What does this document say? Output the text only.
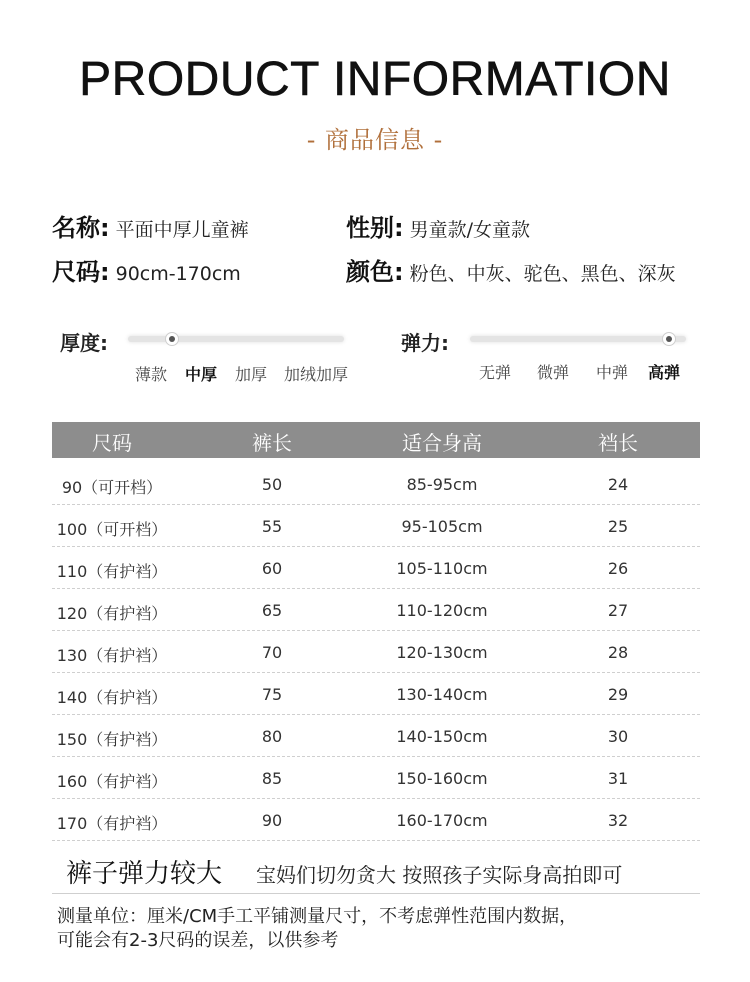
PRODUCT INFORMATION
- 商品信息 -
名称: 平面中厚儿童裤	性别: 男童款/女童款
尺码: 90cm-170cm	颜色: 粉色、中灰、驼色、黑色、深灰
厚度:
薄款 中厚 加厚 加绒加厚
弹力:
无弹 微弹 中弹 高弹
尺码	裤长	适合身高	裆长
90（可开档）	50	85-95cm	24
100（可开档）	55	95-105cm	25
110（有护裆）	60	105-110cm	26
120（有护裆）	65	110-120cm	27
130（有护裆）	70	120-130cm	28
140（有护裆）	75	130-140cm	29
150（有护裆）	80	140-150cm	30
160（有护裆）	85	150-160cm	31
170（有护裆）	90	160-170cm	32
裤子弹力较大 宝妈们切勿贪大 按照孩子实际身高拍即可
测量单位：厘米/CM手工平铺测量尺寸，不考虑弹性范围内数据，
可能会有2-3尺码的误差，以供参考
